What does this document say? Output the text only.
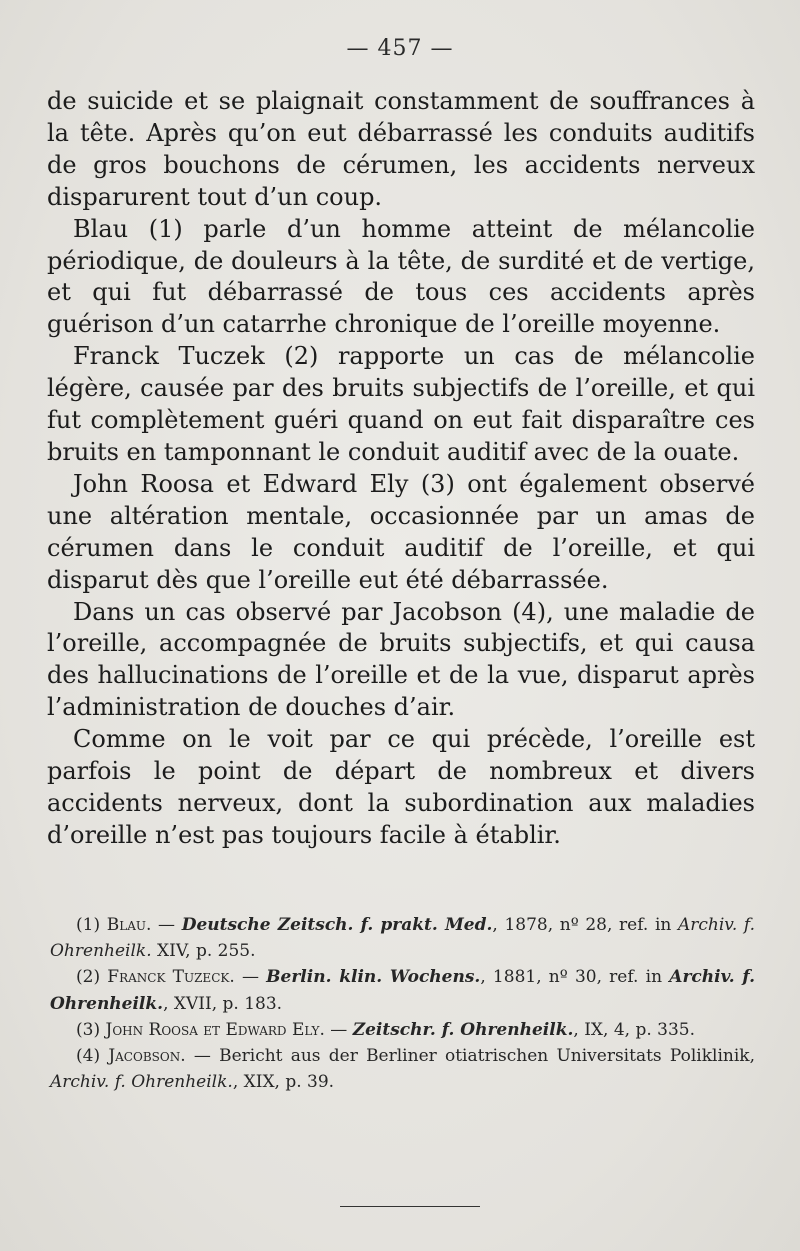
— 457 —

de suicide et se plaignait constamment de souffrances à la tête. Après qu’on eut débarrassé les conduits auditifs de gros bouchons de cérumen, les accidents nerveux disparurent tout d’un coup.

Blau (1) parle d’un homme atteint de mélancolie périodique, de douleurs à la tête, de surdité et de vertige, et qui fut débarrassé de tous ces accidents après guérison d’un catarrhe chronique de l’oreille moyenne.

Franck Tuczek (2) rapporte un cas de mélancolie légère, causée par des bruits subjectifs de l’oreille, et qui fut complètement guéri quand on eut fait disparaître ces bruits en tamponnant le conduit auditif avec de la ouate.

John Roosa et Edward Ely (3) ont également observé une altération mentale, occasionnée par un amas de cérumen dans le conduit auditif de l’oreille, et qui disparut dès que l’oreille eut été débarrassée.

Dans un cas observé par Jacobson (4), une maladie de l’oreille, accompagnée de bruits subjectifs, et qui causa des hallucinations de l’oreille et de la vue, disparut après l’administration de douches d’air.

Comme on le voit par ce qui précède, l’oreille est parfois le point de départ de nombreux et divers accidents nerveux, dont la subordination aux maladies d’oreille n’est pas toujours facile à établir.

(1) Blau. — Deutsche Zeitsch. f. prakt. Med., 1878, nº 28, ref. in Archiv. f. Ohrenheilk. XIV, p. 255.

(2) Franck Tuzeck. — Berlin. klin. Wochens., 1881, nº 30, ref. in Archiv. f. Ohrenheilk., XVII, p. 183.

(3) John Roosa et Edward Ely. — Zeitschr. f. Ohrenheilk., IX, 4, p. 335.

(4) Jacobson. — Bericht aus der Berliner otiatrischen Universitats Poliklinik, Archiv. f. Ohrenheilk., XIX, p. 39.
